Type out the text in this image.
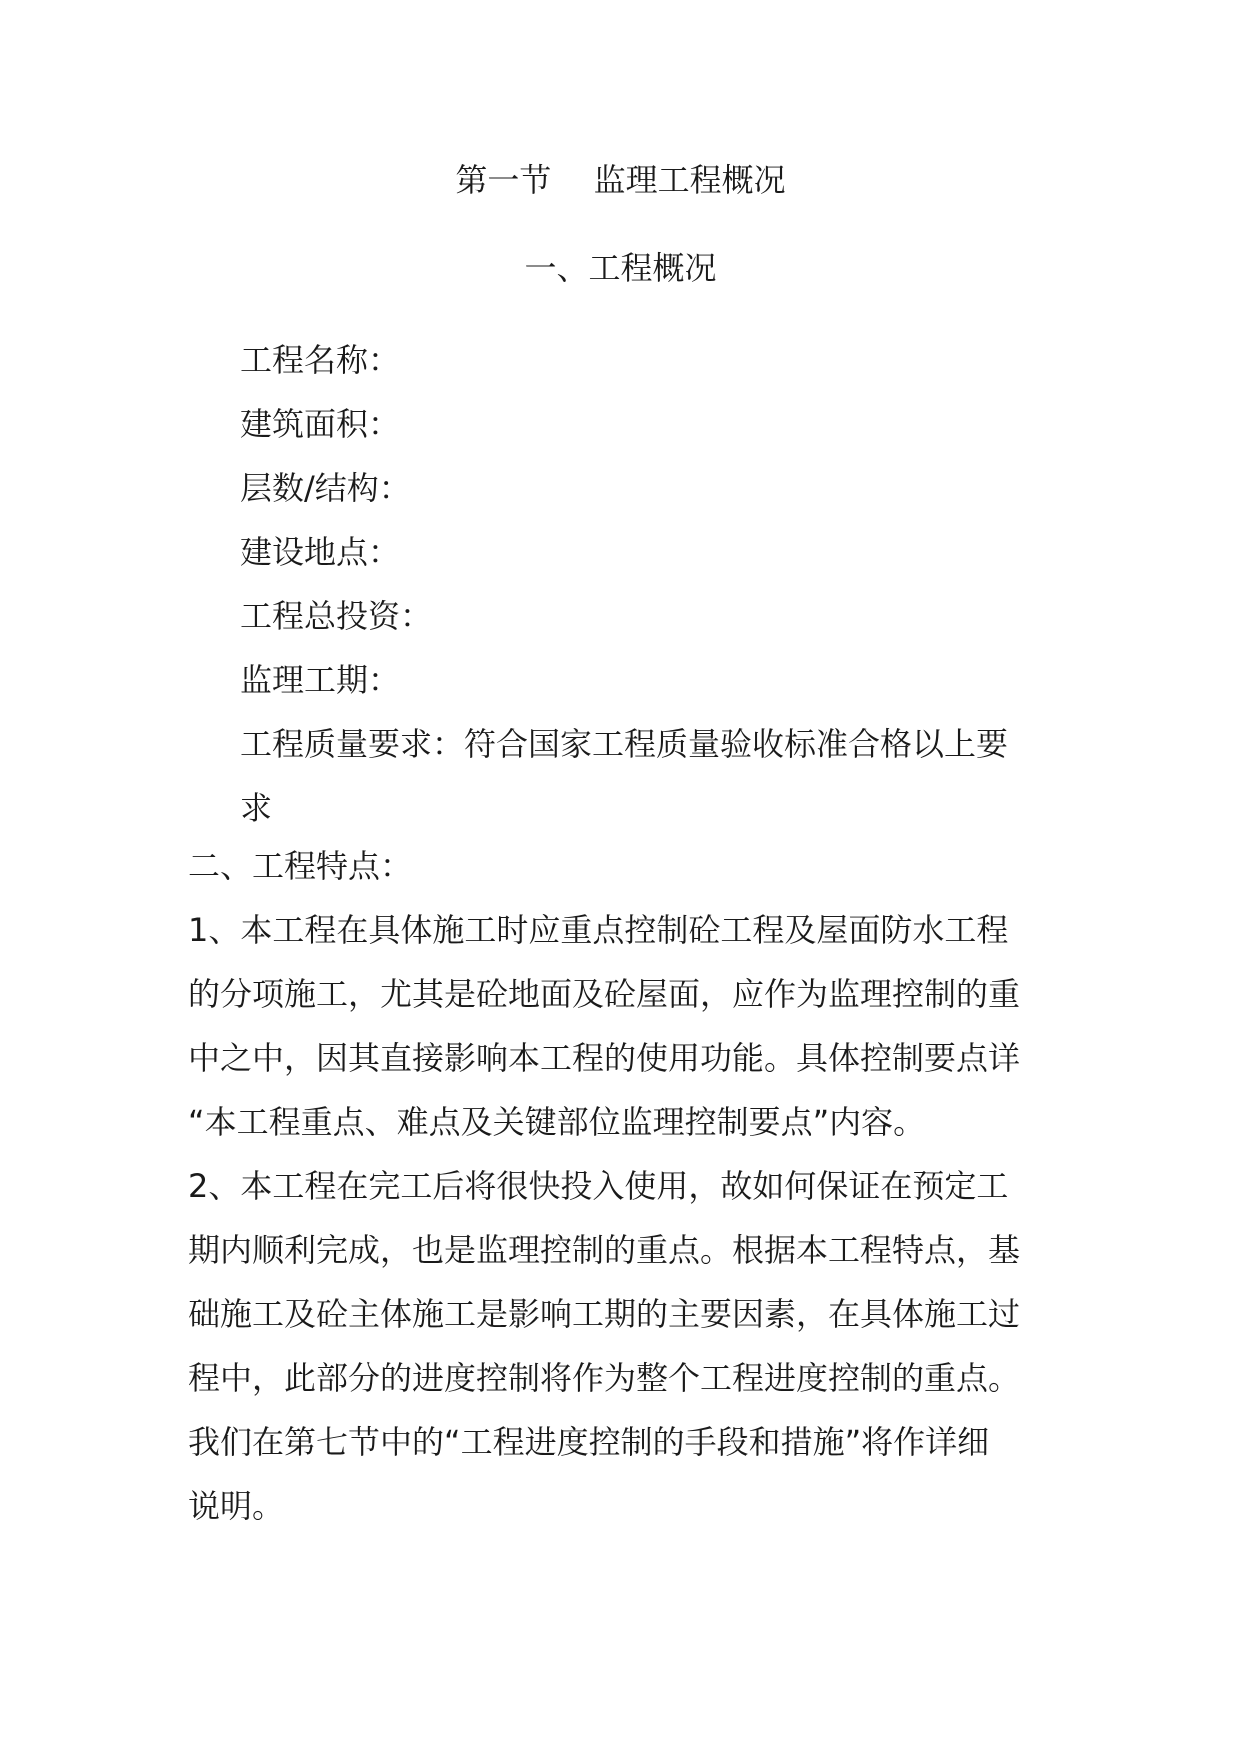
第一节　 监理工程概况

一、工程概况

工程名称：

建筑面积：

层数/结构：

建设地点：

工程总投资：

监理工期：

工程质量要求：符合国家工程质量验收标准合格以上要

求

二、工程特点：

1、本工程在具体施工时应重点控制砼工程及屋面防水工程

的分项施工，尤其是砼地面及砼屋面，应作为监理控制的重

中之中，因其直接影响本工程的使用功能。具体控制要点详

“本工程重点、难点及关键部位监理控制要点”内容。

2、本工程在完工后将很快投入使用，故如何保证在预定工

期内顺利完成，也是监理控制的重点。根据本工程特点，基

础施工及砼主体施工是影响工期的主要因素，在具体施工过

程中，此部分的进度控制将作为整个工程进度控制的重点。

我们在第七节中的“工程进度控制的手段和措施”将作详细

说明。
